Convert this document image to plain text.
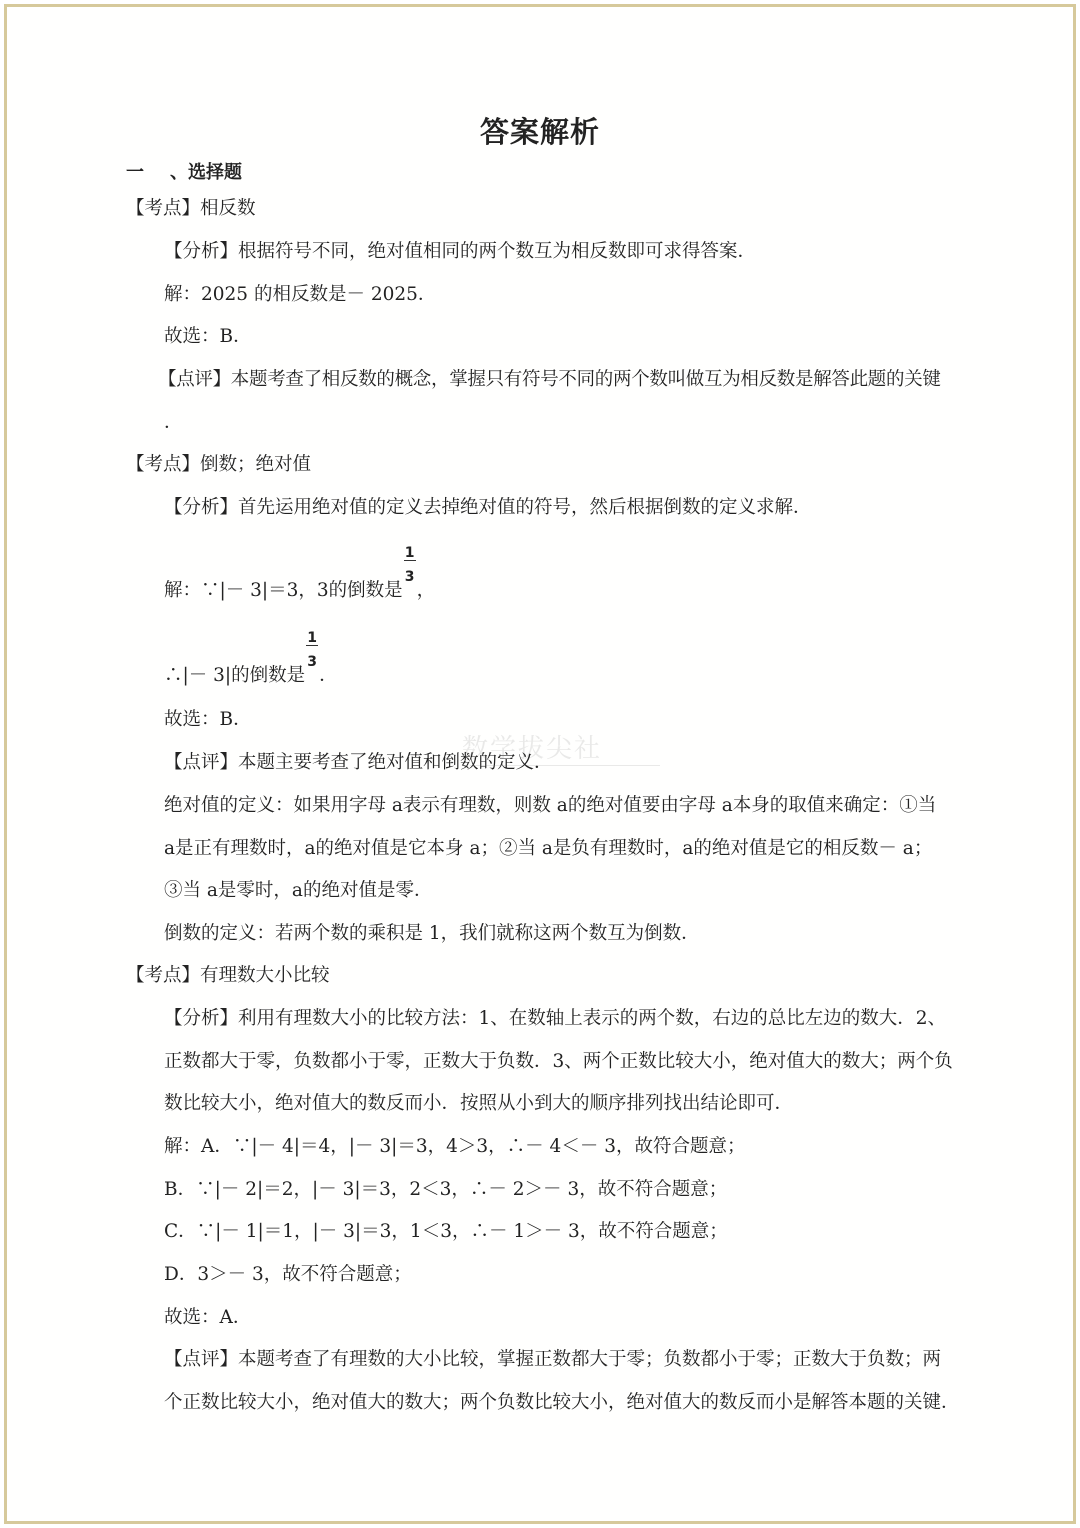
答案解析
一 、选择题
【考点】相反数
【分析】根据符号不同，绝对值相同的两个数互为相反数即可求得答案．
解：2025 的相反数是－ 2025．
故选：B．
【点评】本题考查了相反数的概念，掌握只有符号不同的两个数叫做互为相反数是解答此题的关键
．
【考点】倒数；绝对值
【分析】首先运用绝对值的定义去掉绝对值的符号，然后根据倒数的定义求解．
解：∵|－ 3|＝3，3的倒数是 $\frac{1}{3}$ ，
∴|－ 3|的倒数是 $\frac{1}{3}$ ．
故选：B．
【点评】本题主要考查了绝对值和倒数的定义．
绝对值的定义：如果用字母 a表示有理数，则数 a的绝对值要由字母 a本身的取值来确定：①当
a是正有理数时，a的绝对值是它本身 a；②当 a是负有理数时，a的绝对值是它的相反数－ a；
③当 a是零时，a的绝对值是零．
倒数的定义：若两个数的乘积是 1，我们就称这两个数互为倒数．
【考点】有理数大小比较
【分析】利用有理数大小的比较方法：1、在数轴上表示的两个数，右边的总比左边的数大．2、
正数都大于零，负数都小于零，正数大于负数．3、两个正数比较大小，绝对值大的数大；两个负
数比较大小，绝对值大的数反而小．按照从小到大的顺序排列找出结论即可．
解：A．∵|－ 4|＝4，|－ 3|＝3，4＞3，∴－ 4＜－ 3，故符合题意；
B．∵|－ 2|＝2，|－ 3|＝3，2＜3，∴－ 2＞－ 3，故不符合题意；
C．∵|－ 1|＝1，|－ 3|＝3，1＜3，∴－ 1＞－ 3，故不符合题意；
D．3＞－ 3，故不符合题意；
故选：A．
【点评】本题考查了有理数的大小比较，掌握正数都大于零；负数都小于零；正数大于负数；两
个正数比较大小，绝对值大的数大；两个负数比较大小，绝对值大的数反而小是解答本题的关键．
数学拔尖社
